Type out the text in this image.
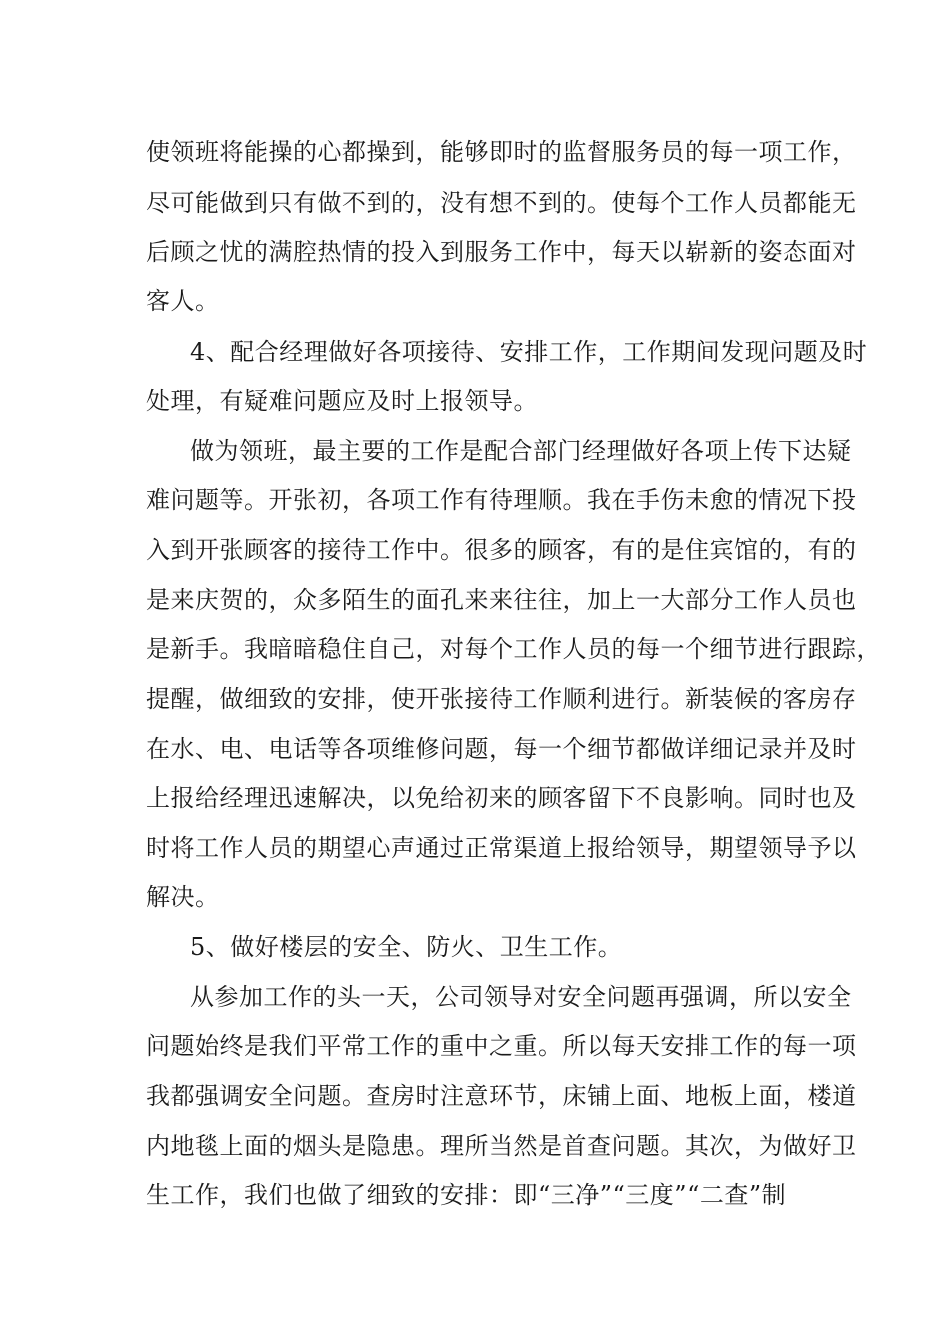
使领班将能操的心都操到，能够即时的监督服务员的每一项工作，

尽可能做到只有做不到的，没有想不到的。使每个工作人员都能无

后顾之忧的满腔热情的投入到服务工作中，每天以崭新的姿态面对

客人。

4、配合经理做好各项接待、安排工作，工作期间发现问题及时

处理，有疑难问题应及时上报领导。

做为领班，最主要的工作是配合部门经理做好各项上传下达疑

难问题等。开张初，各项工作有待理顺。我在手伤未愈的情况下投

入到开张顾客的接待工作中。很多的顾客，有的是住宾馆的，有的

是来庆贺的，众多陌生的面孔来来往往，加上一大部分工作人员也

是新手。我暗暗稳住自己，对每个工作人员的每一个细节进行跟踪，

提醒，做细致的安排，使开张接待工作顺利进行。新装候的客房存

在水、电、电话等各项维修问题，每一个细节都做详细记录并及时

上报给经理迅速解决，以免给初来的顾客留下不良影响。同时也及

时将工作人员的期望心声通过正常渠道上报给领导，期望领导予以

解决。

5、做好楼层的安全、防火、卫生工作。

从参加工作的头一天，公司领导对安全问题再强调，所以安全

问题始终是我们平常工作的重中之重。所以每天安排工作的每一项

我都强调安全问题。查房时注意环节，床铺上面、地板上面，楼道

内地毯上面的烟头是隐患。理所当然是首查问题。其次，为做好卫

生工作，我们也做了细致的安排：即“三净”“三度”“二查”制
